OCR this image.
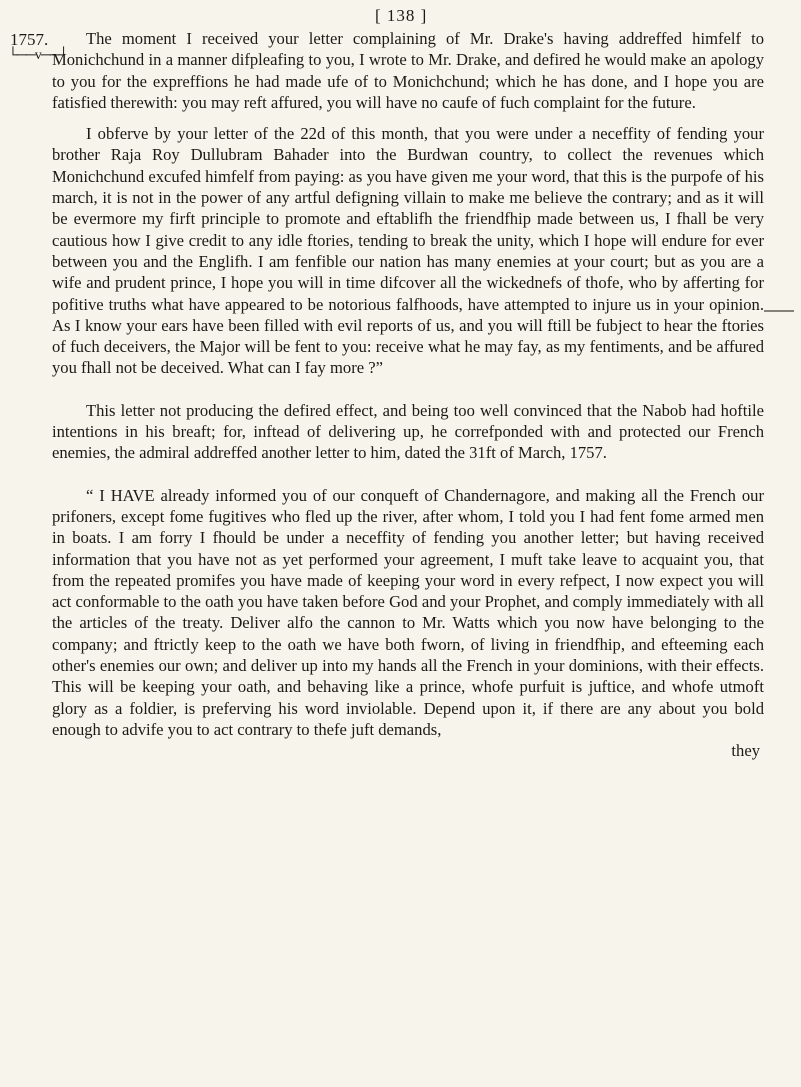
[ 138 ]
1757.
└──v──┘

The moment I received your letter complaining of Mr. Drake's having addreffed himfelf to Monichchund in a manner difpleafing to you, I wrote to Mr. Drake, and defired he would make an apology to you for the expreffions he had made ufe of to Monichchund; which he has done, and I hope you are fatisfied therewith: you may reft affured, you will have no caufe of fuch complaint for the future.

I obferve by your letter of the 22d of this month, that you were under a neceffity of fending your brother Raja Roy Dullubram Bahader into the Burdwan country, to collect the revenues which Monichchund excufed himfelf from paying: as you have given me your word, that this is the purpofe of his march, it is not in the power of any artful defigning villain to make me believe the contrary; and as it will be evermore my firft principle to promote and eftablifh the friendfhip made between us, I fhall be very cautious how I give credit to any idle ftories, tending to break the unity, which I hope will endure for ever between you and the Englifh. I am fenfible our nation has many enemies at your court; but as you are a wife and prudent prince, I hope you will in time difcover all the wickednefs of thofe, who by afferting for pofitive truths what have appeared to be notorious falfhoods, have attempted to injure us in your opinion. As I know your ears have been filled with evil reports of us, and you will ftill be fubject to hear the ftories of fuch deceivers, the Major will be fent to you: receive what he may fay, as my fentiments, and be affured you fhall not be deceived. What can I fay more ?”

This letter not producing the defired effect, and being too well convinced that the Nabob had hoftile intentions in his breaft; for, inftead of delivering up, he correfponded with and protected our French enemies, the admiral addreffed another letter to him, dated the 31ft of March, 1757.

“ I HAVE already informed you of our conqueft of Chandernagore, and making all the French our prifoners, except fome fugitives who fled up the river, after whom, I told you I had fent fome armed men in boats. I am forry I fhould be under a neceffity of fending you another letter; but having received information that you have not as yet performed your agreement, I muft take leave to acquaint you, that from the repeated promifes you have made of keeping your word in every refpect, I now expect you will act conformable to the oath you have taken before God and your Prophet, and comply immediately with all the articles of the treaty. Deliver alfo the cannon to Mr. Watts which you now have belonging to the company; and ftrictly keep to the oath we have both fworn, of living in friendfhip, and efteeming each other's enemies our own; and deliver up into my hands all the French in your dominions, with their effects. This will be keeping your oath, and behaving like a prince, whofe purfuit is juftice, and whofe utmoft glory as a foldier, is preferving his word inviolable. Depend upon it, if there are any about you bold enough to advife you to act contrary to thefe juft demands,

they
